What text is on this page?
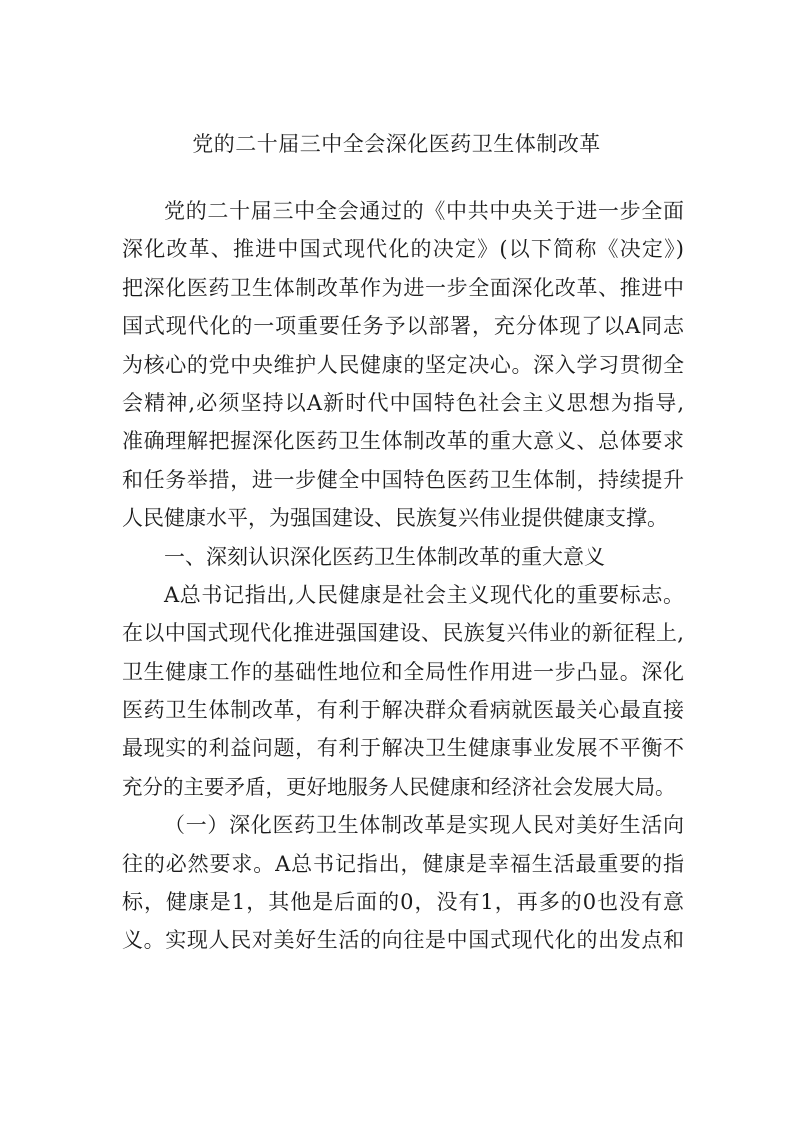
党的二十届三中全会深化医药卫生体制改革
党的二十届三中全会通过的《中共中央关于进一步全面
深化改革、推进中国式现代化的决定》(以下简称《决定》)
把深化医药卫生体制改革作为进一步全面深化改革、推进中
国式现代化的一项重要任务予以部署，充分体现了以A同志
为核心的党中央维护人民健康的坚定决心。深入学习贯彻全
会精神,必须坚持以A新时代中国特色社会主义思想为指导,
准确理解把握深化医药卫生体制改革的重大意义、总体要求
和任务举措，进一步健全中国特色医药卫生体制，持续提升
人民健康水平，为强国建设、民族复兴伟业提供健康支撑。
一、深刻认识深化医药卫生体制改革的重大意义
A总书记指出,人民健康是社会主义现代化的重要标志。
在以中国式现代化推进强国建设、民族复兴伟业的新征程上,
卫生健康工作的基础性地位和全局性作用进一步凸显。深化
医药卫生体制改革，有利于解决群众看病就医最关心最直接
最现实的利益问题，有利于解决卫生健康事业发展不平衡不
充分的主要矛盾，更好地服务人民健康和经济社会发展大局。
（一）深化医药卫生体制改革是实现人民对美好生活向
往的必然要求。A总书记指出，健康是幸福生活最重要的指
标，健康是1，其他是后面的0，没有1，再多的0也没有意
义。实现人民对美好生活的向往是中国式现代化的出发点和
